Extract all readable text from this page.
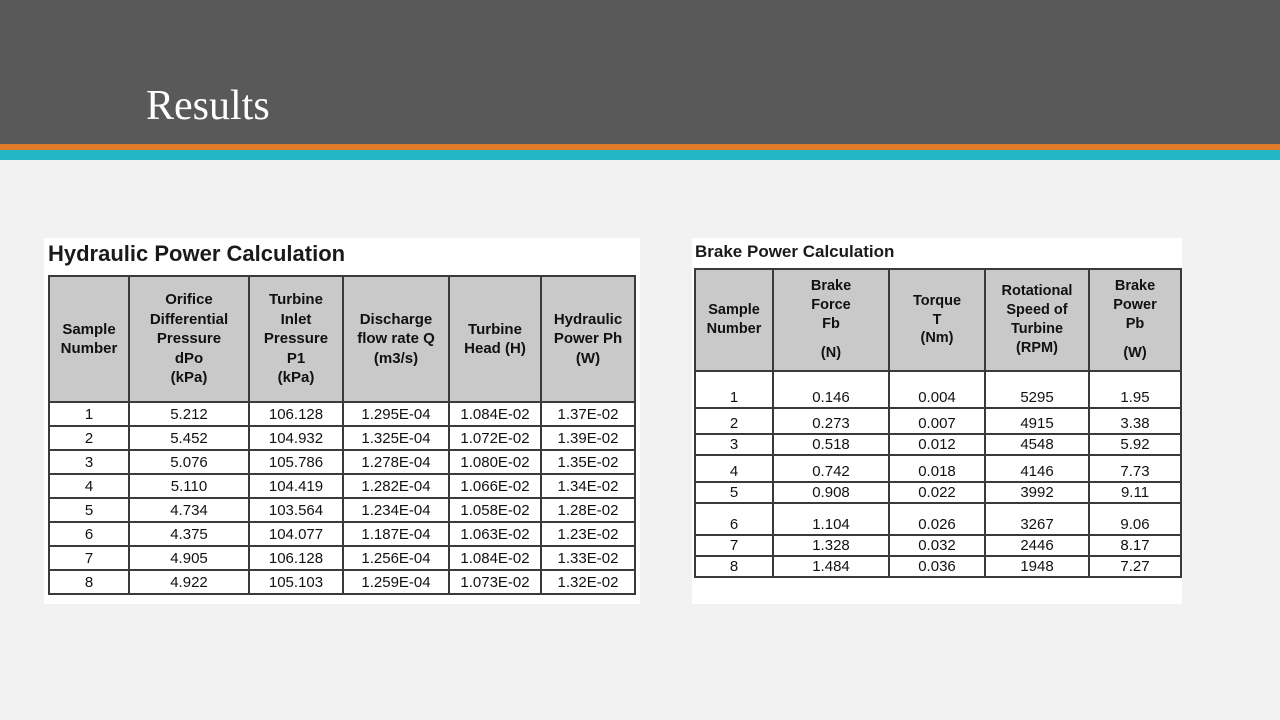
Results
Hydraulic Power Calculation
Sample
Number	Orifice
Differential
Pressure
dPo
(kPa)	Turbine
Inlet
Pressure
P1
(kPa)	Discharge
flow rate Q
(m3/s)	Turbine
Head (H)	Hydraulic
Power Ph
(W)

1	5.212	106.128	1.295E-04	1.084E-02	1.37E-02
2	5.452	104.932	1.325E-04	1.072E-02	1.39E-02
3	5.076	105.786	1.278E-04	1.080E-02	1.35E-02
4	5.110	104.419	1.282E-04	1.066E-02	1.34E-02
5	4.734	103.564	1.234E-04	1.058E-02	1.28E-02
6	4.375	104.077	1.187E-04	1.063E-02	1.23E-02
7	4.905	106.128	1.256E-04	1.084E-02	1.33E-02
8	4.922	105.103	1.259E-04	1.073E-02	1.32E-02
Brake Power Calculation
Sample
Number	Brake
Force
Fb
(N)	Torque
T
(Nm)	Rotational
Speed of
Turbine
(RPM)	Brake
Power
Pb
(W)

1	0.146	0.004	5295	1.95
2	0.273	0.007	4915	3.38
3	0.518	0.012	4548	5.92
4	0.742	0.018	4146	7.73
5	0.908	0.022	3992	9.11
6	1.104	0.026	3267	9.06
7	1.328	0.032	2446	8.17
8	1.484	0.036	1948	7.27
